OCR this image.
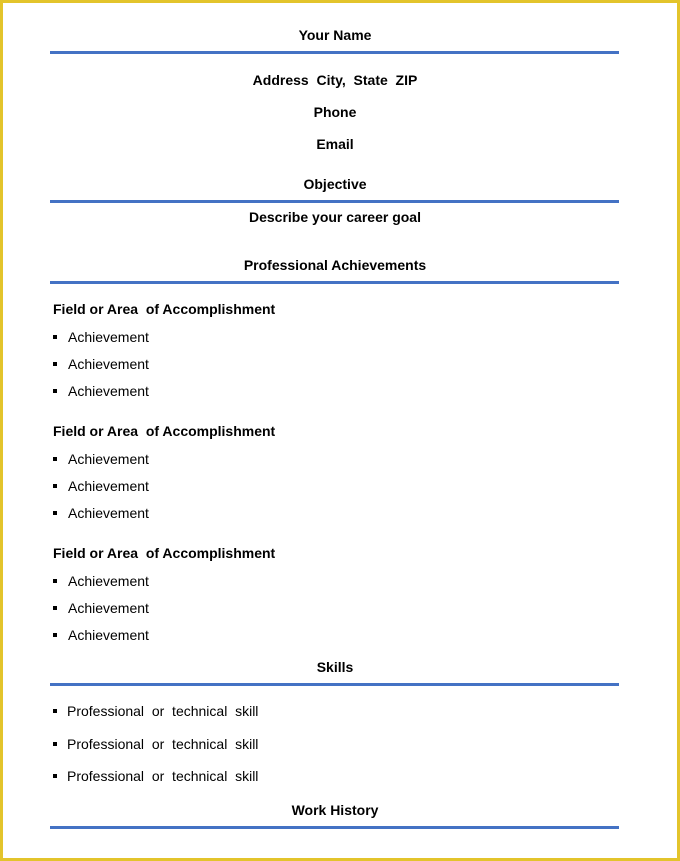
Your Name
Address  City,  State  ZIP
Phone
Email
Objective
Describe your career goal
Professional Achievements
Field or Area  of Accomplishment
Achievement
Achievement
Achievement
Field or Area  of Accomplishment
Achievement
Achievement
Achievement
Field or Area  of Accomplishment
Achievement
Achievement
Achievement
Skills
Professional  or  technical  skill
Professional  or  technical  skill
Professional  or  technical  skill
Work History
